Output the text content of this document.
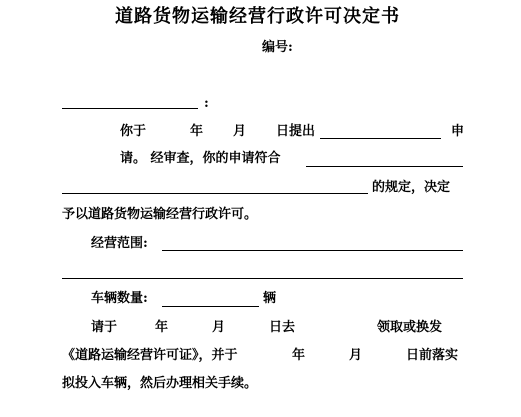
道路货物运输经营行政许可决定书
编号:
:
你于	年 月 日提出	申
请。 经审查，你的申请符合
的规定，决定
予以道路货物运输经营行政许可。
经营范围:
车辆数量:	辆
请于	年	月	日去	领取或换发
《道路运输经营许可证》，并于	年	月	日前落实
拟投入车辆，然后办理相关手续。
